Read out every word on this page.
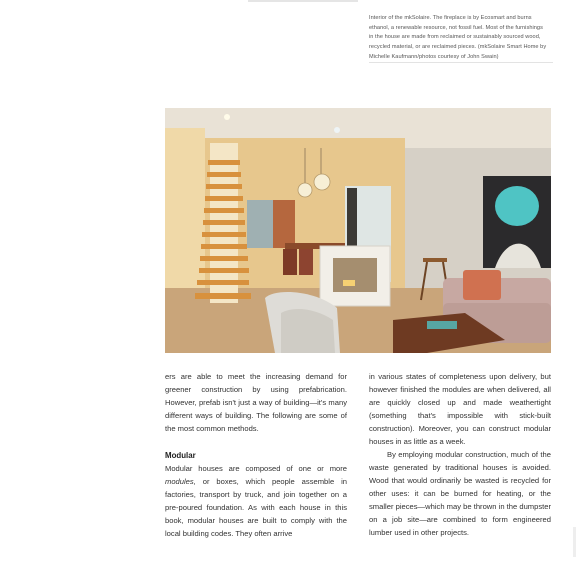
Interior of the mkSolaire. The fireplace is by Ecosmart and burns
ethanol, a renewable resource, not fossil fuel. Most of the furnishings
in the house are made from reclaimed or sustainably sourced wood,
recycled material, or are reclaimed pieces. (mkSolaire Smart Home by
Michelle Kaufmann/photos courtesy of John Swain)

ers are able to meet the increasing demand for greener construction by using prefabrication. However, prefab isn't just a way of building—it's many different ways of building. The following are some of the most common methods.

Modular

Modular houses are composed of one or more modules, or boxes, which people assemble in factories, transport by truck, and join together on a pre-poured foundation. As with each house in this book, modular houses are built to comply with the local building codes. They often arrive

in various states of completeness upon delivery, but however finished the modules are when delivered, all are quickly closed up and made weathertight (something that's impossible with stick-built construction). Moreover, you can construct modular houses in as little as a week.

By employing modular construction, much of the waste generated by traditional houses is avoided. Wood that would ordinarily be wasted is recycled for other uses: it can be burned for heating, or the smaller pieces—which may be thrown in the dumpster on a job site—are combined to form engineered lumber used in other projects.
